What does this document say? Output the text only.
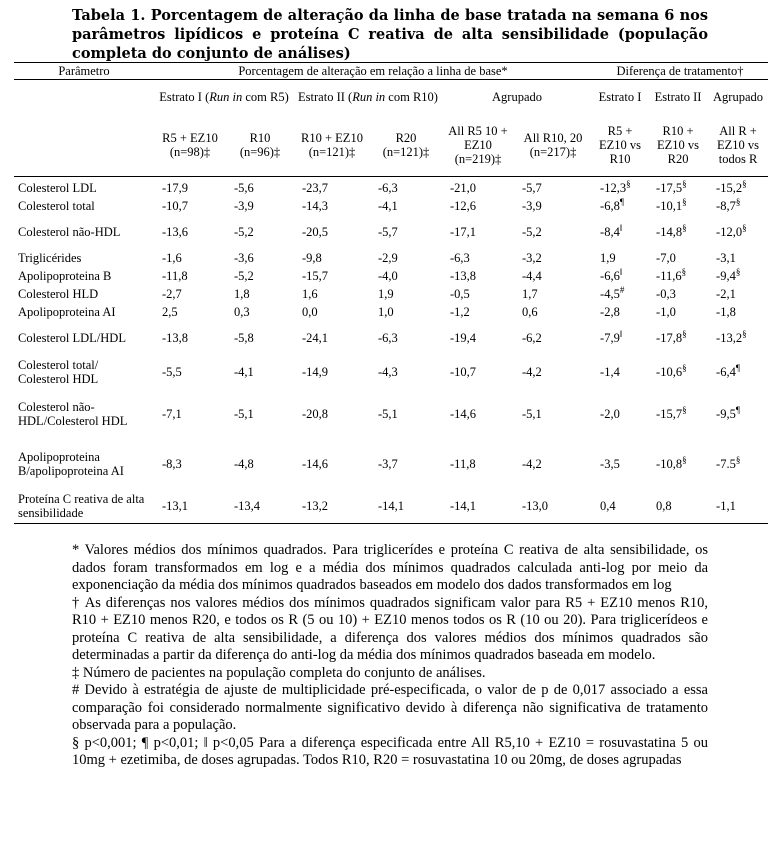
Tabela 1. Porcentagem de alteração da linha de base tratada na semana 6 nos parâmetros lipídicos e proteína C reativa de alta sensibilidade (população completa do conjunto de análises)
Parâmetro	Porcentagem de alteração em relação a linha de base*						Diferença de tratamento†		
	Estrato I (Run in com R5)		Estrato II (Run in com R10)		Agrupado		Estrato I	Estrato II	Agrupado
	R5 + EZ10 (n=98)‡	R10 (n=96)‡	R10 + EZ10 (n=121)‡	R20 (n=121)‡	All R5 10 + EZ10 (n=219)‡	All R10, 20 (n=217)‡	R5 + EZ10 vs R10	R10 + EZ10 vs R20	All R + EZ10 vs todos R

Colesterol LDL	-17,9	-5,6	-23,7	-6,3	-21,0	-5,7	-12,3§	-17,5§	-15,2§
Colesterol total	-10,7	-3,9	-14,3	-4,1	-12,6	-3,9	-6,8¶	-10,1§	-8,7§
Colesterol não-HDL	-13,6	-5,2	-20,5	-5,7	-17,1	-5,2	-8,4‖	-14,8§	-12,0§
Triglicérides	-1,6	-3,6	-9,8	-2,9	-6,3	-3,2	1,9	-7,0	-3,1
Apolipoproteina B	-11,8	-5,2	-15,7	-4,0	-13,8	-4,4	-6,6‖	-11,6§	-9,4§
Colesterol HLD	-2,7	1,8	1,6	1,9	-0,5	1,7	-4,5#	-0,3	-2,1
Apolipoproteina AI	2,5	0,3	0,0	1,0	-1,2	0,6	-2,8	-1,0	-1,8
Colesterol LDL/HDL	-13,8	-5,8	-24,1	-6,3	-19,4	-6,2	-7,9‖	-17,8§	-13,2§
Colesterol total/ Colesterol HDL	-5,5	-4,1	-14,9	-4,3	-10,7	-4,2	-1,4	-10,6§	-6,4¶
Colesterol não-HDL/Colesterol HDL	-7,1	-5,1	-20,8	-5,1	-14,6	-5,1	-2,0	-15,7§	-9,5¶
Apolipoproteina B/apolipoproteina AI	-8,3	-4,8	-14,6	-3,7	-11,8	-4,2	-3,5	-10,8§	-7.5§
Proteína C reativa de alta sensibilidade	-13,1	-13,4	-13,2	-14,1	-14,1	-13,0	0,4	0,8	-1,1

* Valores médios dos mínimos quadrados. Para triglicerídes e proteína C reativa de alta sensibilidade, os dados foram transformados em log e a média dos mínimos quadrados calculada anti-log por meio da exponenciação da média dos mínimos quadrados baseados em modelo dos dados transformados em log

† As diferenças nos valores médios dos mínimos quadrados significam valor para R5 + EZ10 menos R10, R10 + EZ10 menos R20, e todos os R (5 ou 10) + EZ10 menos todos os R (10 ou 20). Para triglicerídeos e proteína C reativa de alta sensibilidade, a diferença dos valores médios dos mínimos quadrados são determinadas a partir da diferença do anti-log da média dos mínimos quadrados baseada em modelo.

‡ Número de pacientes na população completa do conjunto de análises.

# Devido à estratégia de ajuste de multiplicidade pré-especificada, o valor de p de 0,017 associado a essa comparação foi considerado normalmente significativo devido à diferença não significativa de tratamento observada para a população.

§ p<0,001; ¶ p<0,01; ‖ p<0,05 Para a diferença especificada entre All R5,10 + EZ10 = rosuvastatina 5 ou 10mg + ezetimiba, de doses agrupadas. Todos R10, R20 = rosuvastatina 10 ou 20mg, de doses agrupadas
